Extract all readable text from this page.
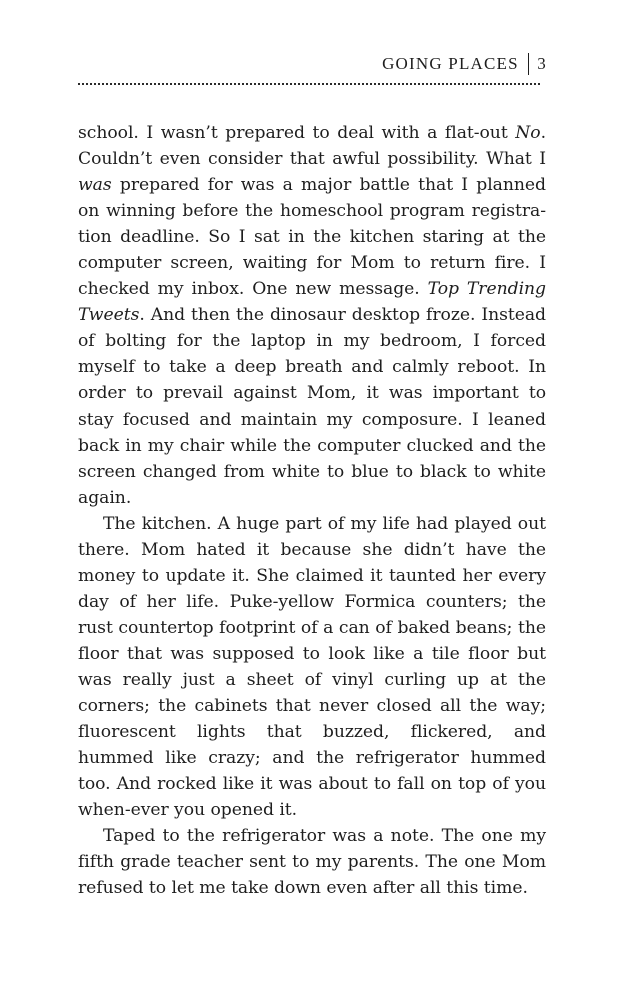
GOING PLACES 3

school. I wasn’t prepared to deal with a flat-out No. Couldn’t even consider that awful possibility. What I was prepared for was a major battle that I planned on winning before the homeschool program registra-tion deadline. So I sat in the kitchen staring at the computer screen, waiting for Mom to return fire. I checked my inbox. One new message. Top Trending Tweets. And then the dinosaur desktop froze. Instead of bolting for the laptop in my bedroom, I forced myself to take a deep breath and calmly reboot. In order to prevail against Mom, it was important to stay focused and maintain my composure. I leaned back in my chair while the computer clucked and the screen changed from white to blue to black to white again.

The kitchen. A huge part of my life had played out there. Mom hated it because she didn’t have the money to update it. She claimed it taunted her every day of her life. Puke-yellow Formica counters; the rust countertop footprint of a can of baked beans; the floor that was supposed to look like a tile floor but was really just a sheet of vinyl curling up at the corners; the cabinets that never closed all the way; fluorescent lights that buzzed, flickered, and hummed like crazy; and the refrigerator hummed too. And rocked like it was about to fall on top of you when-ever you opened it.

Taped to the refrigerator was a note. The one my fifth grade teacher sent to my parents. The one Mom refused to let me take down even after all this time.
